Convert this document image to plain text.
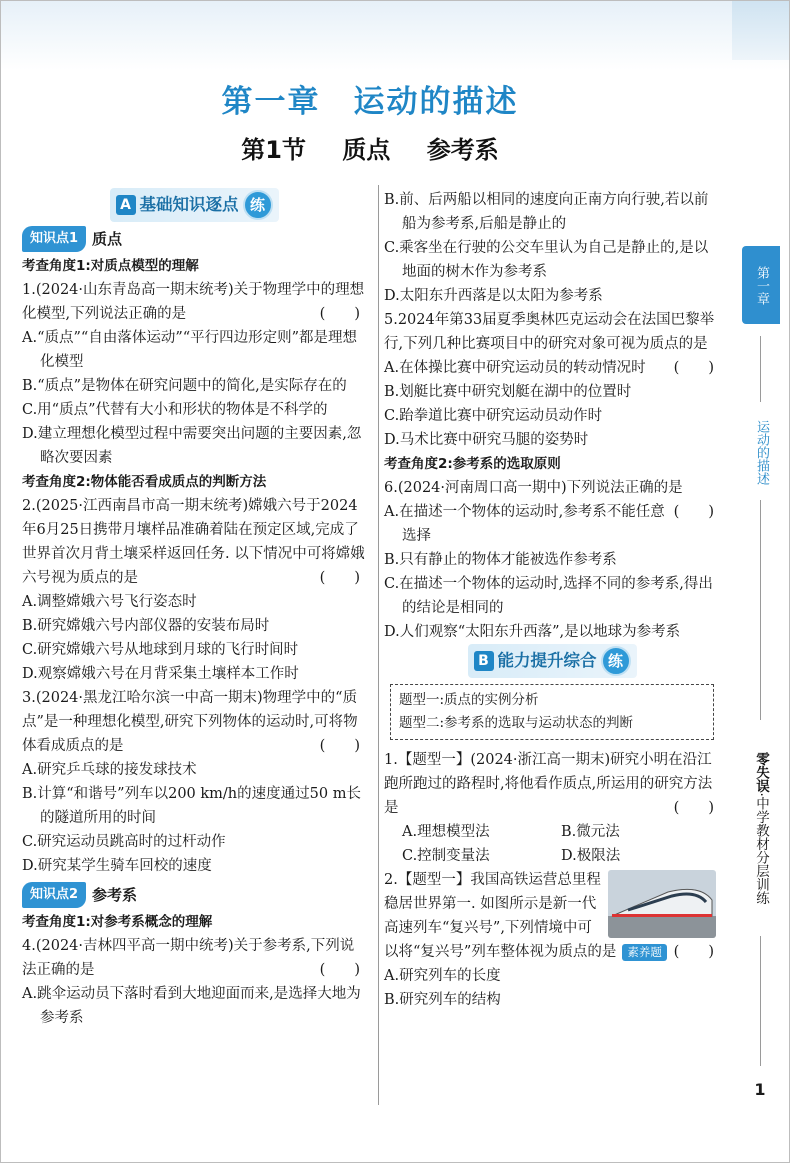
第一章　运动的描述
第1节 质点 参考系
A 基础知识逐点 练
知识点1 质点
考查角度1:对质点模型的理解
1.(2024·山东青岛高一期末统考)关于物理学中的理想化模型,下列说法正确的是	(　　)
A.“质点”“自由落体运动”“平行四边形定则”都是理想化模型
B.“质点”是物体在研究问题中的简化,是实际存在的
C.用“质点”代替有大小和形状的物体是不科学的
D.建立理想化模型过程中需要突出问题的主要因素,忽略次要因素
考查角度2:物体能否看成质点的判断方法
2.(2025·江西南昌市高一期末统考)嫦娥六号于2024年6月25日携带月壤样品准确着陆在预定区域,完成了世界首次月背土壤采样返回任务. 以下情况中可将嫦娥六号视为质点的是	(　　)
A.调整嫦娥六号飞行姿态时
B.研究嫦娥六号内部仪器的安装布局时
C.研究嫦娥六号从地球到月球的飞行时间时
D.观察嫦娥六号在月背采集土壤样本工作时
3.(2024·黑龙江哈尔滨一中高一期末)物理学中的“质点”是一种理想化模型,研究下列物体的运动时,可将物体看成质点的是	(　　)
A.研究乒乓球的接发球技术
B.计算“和谐号”列车以200 km/h的速度通过50 m长的隧道所用的时间
C.研究运动员跳高时的过杆动作
D.研究某学生骑车回校的速度
知识点2 参考系
考查角度1:对参考系概念的理解
4.(2024·吉林四平高一期中统考)关于参考系,下列说法正确的是	(　　)
A.跳伞运动员下落时看到大地迎面而来,是选择大地为参考系
B.前、后两船以相同的速度向正南方向行驶,若以前船为参考系,后船是静止的
C.乘客坐在行驶的公交车里认为自己是静止的,是以地面的树木作为参考系
D.太阳东升西落是以太阳为参考系
5.2024年第33届夏季奥林匹克运动会在法国巴黎举行,下列几种比赛项目中的研究对象可视为质点的是
(　　)
A.在体操比赛中研究运动员的转动情况时
B.划艇比赛中研究划艇在湖中的位置时
C.跆拳道比赛中研究运动员动作时
D.马术比赛中研究马腿的姿势时
考查角度2:参考系的选取原则
6.(2024·河南周口高一期中)下列说法正确的是
(　　)
A.在描述一个物体的运动时,参考系不能任意选择
B.只有静止的物体才能被选作参考系
C.在描述一个物体的运动时,选择不同的参考系,得出的结论是相同的
D.人们观察“太阳东升西落”,是以地球为参考系
B 能力提升综合 练
题型一:质点的实例分析
题型二:参考系的选取与运动状态的判断
1.【题型一】(2024·浙江高一期末)研究小明在沿江跑所跑过的路程时,将他看作质点,所运用的研究方法是	(　　)
A.理想模型法	B.微元法
C.控制变量法	D.极限法
2.【题型一】我国高铁运营总里程稳居世界第一. 如图所示是新一代高速列车“复兴号”,下列情境中可以将“复兴号”列车整体视为质点的是 素养题 (　　)
A.研究列车的长度
B.研究列车的结构
第一章
运动的描述
零失误·中学教材分层训练
1
